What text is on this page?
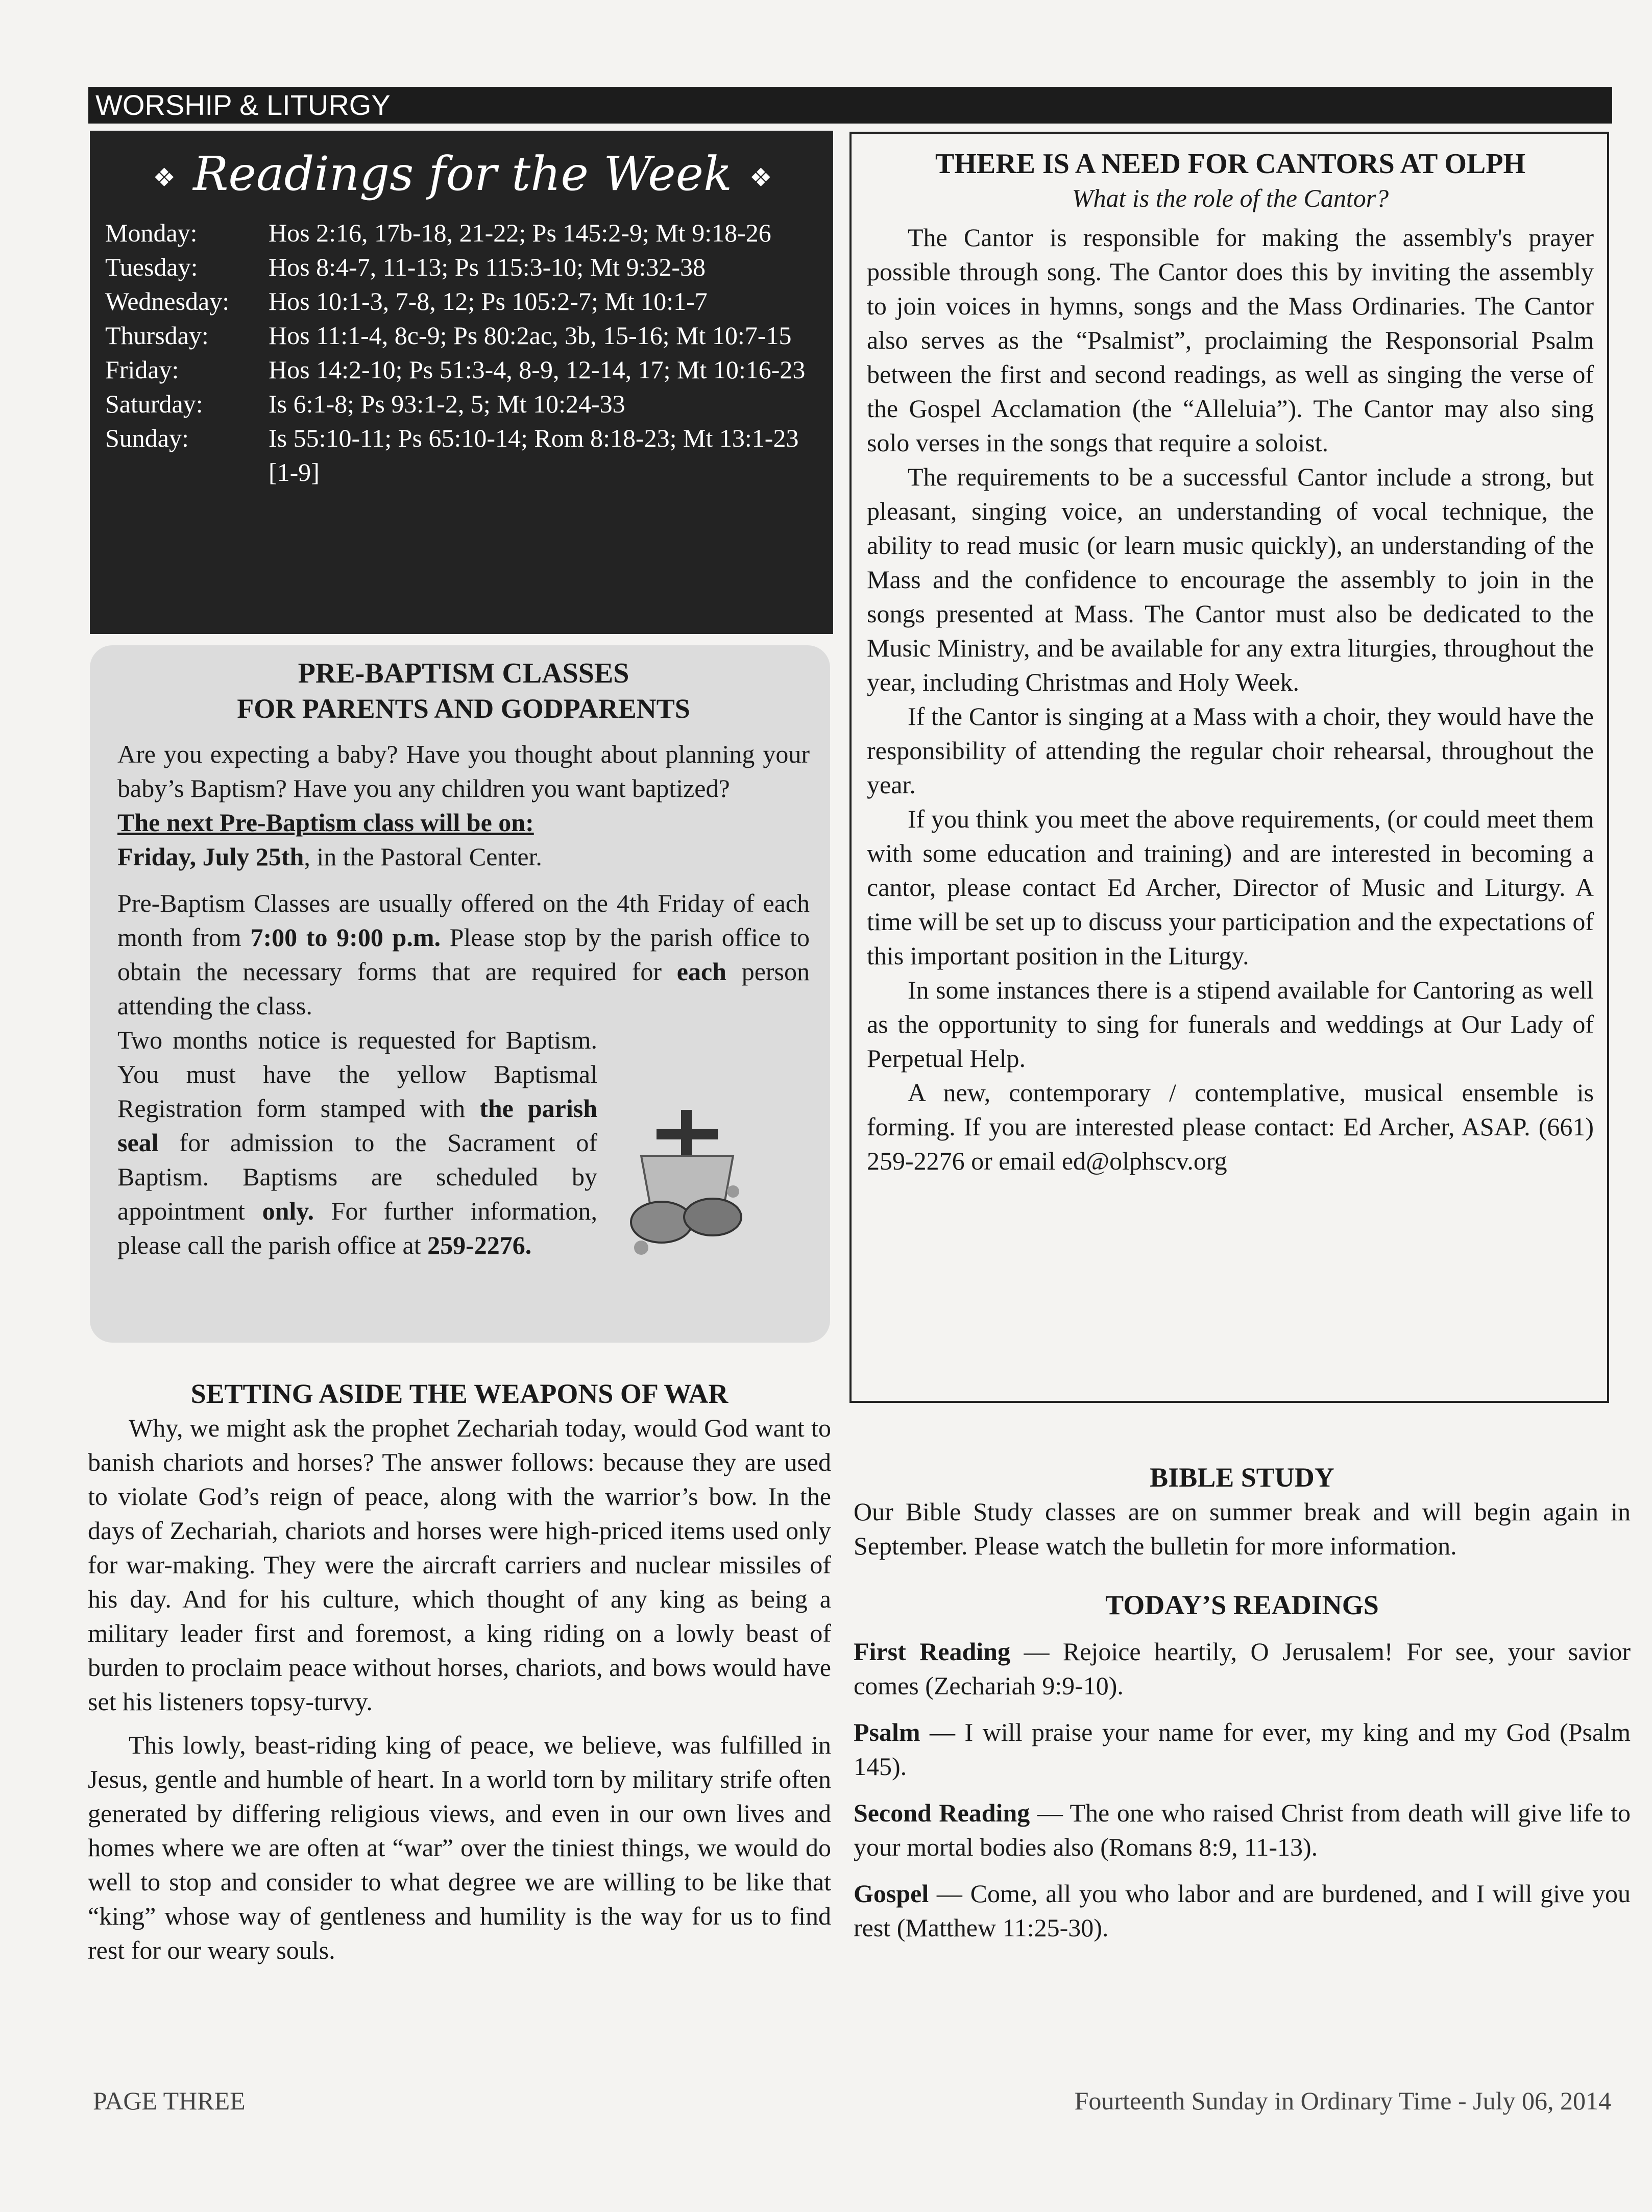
WORSHIP & LITURGY
❖ Readings for the Week ❖
Monday:	Hos 2:16, 17b-18, 21-22; Ps 145:2-9; Mt 9:18-26
Tuesday:	Hos 8:4-7, 11-13; Ps 115:3-10; Mt 9:32-38
Wednesday:	Hos 10:1-3, 7-8, 12; Ps 105:2-7; Mt 10:1-7
Thursday:	Hos 11:1-4, 8c-9; Ps 80:2ac, 3b, 15-16; Mt 10:7-15
Friday:	Hos 14:2-10; Ps 51:3-4, 8-9, 12-14, 17; Mt 10:16-23
Saturday:	Is 6:1-8; Ps 93:1-2, 5; Mt 10:24-33
Sunday:	Is 55:10-11; Ps 65:10-14; Rom 8:18-23; Mt 13:1-23 [1-9]
PRE-BAPTISM CLASSES
FOR PARENTS AND GODPARENTS

Are you expecting a baby? Have you thought about planning your baby’s Baptism? Have you any children you want baptized?

The next Pre-Baptism class will be on:

Friday, July 25th, in the Pastoral Center.

Pre-Baptism Classes are usually offered on the 4th Friday of each month from 7:00 to 9:00 p.m. Please stop by the parish office to obtain the necessary forms that are required for each person attending the class.

Two months notice is requested for Baptism. You must have the yellow Baptismal Registration form stamped with the parish seal for admission to the Sacrament of Baptism. Baptisms are scheduled by appointment only. For further information, please call the parish office at 259-2276.

SETTING ASIDE THE WEAPONS OF WAR

Why, we might ask the prophet Zechariah today, would God want to banish chariots and horses? The answer follows: because they are used to violate God’s reign of peace, along with the warrior’s bow. In the days of Zechariah, chariots and horses were high-priced items used only for war-making. They were the aircraft carriers and nuclear missiles of his day. And for his culture, which thought of any king as being a military leader first and foremost, a king riding on a lowly beast of burden to proclaim peace without horses, chariots, and bows would have set his listeners topsy-turvy.

This lowly, beast-riding king of peace, we believe, was fulfilled in Jesus, gentle and humble of heart. In a world torn by military strife often generated by differing religious views, and even in our own lives and homes where we are often at “war” over the tiniest things, we would do well to stop and consider to what degree we are willing to be like that “king” whose way of gentleness and humility is the way for us to find rest for our weary souls.

THERE IS A NEED FOR CANTORS AT OLPH
What is the role of the Cantor?

The Cantor is responsible for making the assembly's prayer possible through song. The Cantor does this by inviting the assembly to join voices in hymns, songs and the Mass Ordinaries. The Cantor also serves as the “Psalmist”, proclaiming the Responsorial Psalm between the first and second readings, as well as singing the verse of the Gospel Acclamation (the “Alleluia”). The Cantor may also sing solo verses in the songs that require a soloist.

The requirements to be a successful Cantor include a strong, but pleasant, singing voice, an understanding of vocal technique, the ability to read music (or learn music quickly), an understanding of the Mass and the confidence to encourage the assembly to join in the songs presented at Mass. The Cantor must also be dedicated to the Music Ministry, and be available for any extra liturgies, throughout the year, including Christmas and Holy Week.

If the Cantor is singing at a Mass with a choir, they would have the responsibility of attending the regular choir rehearsal, throughout the year.

If you think you meet the above requirements, (or could meet them with some education and training) and are interested in becoming a cantor, please contact Ed Archer, Director of Music and Liturgy. A time will be set up to discuss your participation and the expectations of this important position in the Liturgy.

In some instances there is a stipend available for Cantoring as well as the opportunity to sing for funerals and weddings at Our Lady of Perpetual Help.

A new, contemporary / contemplative, musical ensemble is forming. If you are interested please contact: Ed Archer, ASAP. (661) 259-2276 or email ed@olphscv.org

BIBLE STUDY

Our Bible Study classes are on summer break and will begin again in September. Please watch the bulletin for more information.

TODAY’S READINGS

First Reading — Rejoice heartily, O Jerusalem! For see, your savior comes (Zechariah 9:9-10).

Psalm — I will praise your name for ever, my king and my God (Psalm 145).

Second Reading — The one who raised Christ from death will give life to your mortal bodies also (Romans 8:9, 11-13).

Gospel — Come, all you who labor and are burdened, and I will give you rest (Matthew 11:25-30).

PAGE THREE	Fourteenth Sunday in Ordinary Time - July 06, 2014
